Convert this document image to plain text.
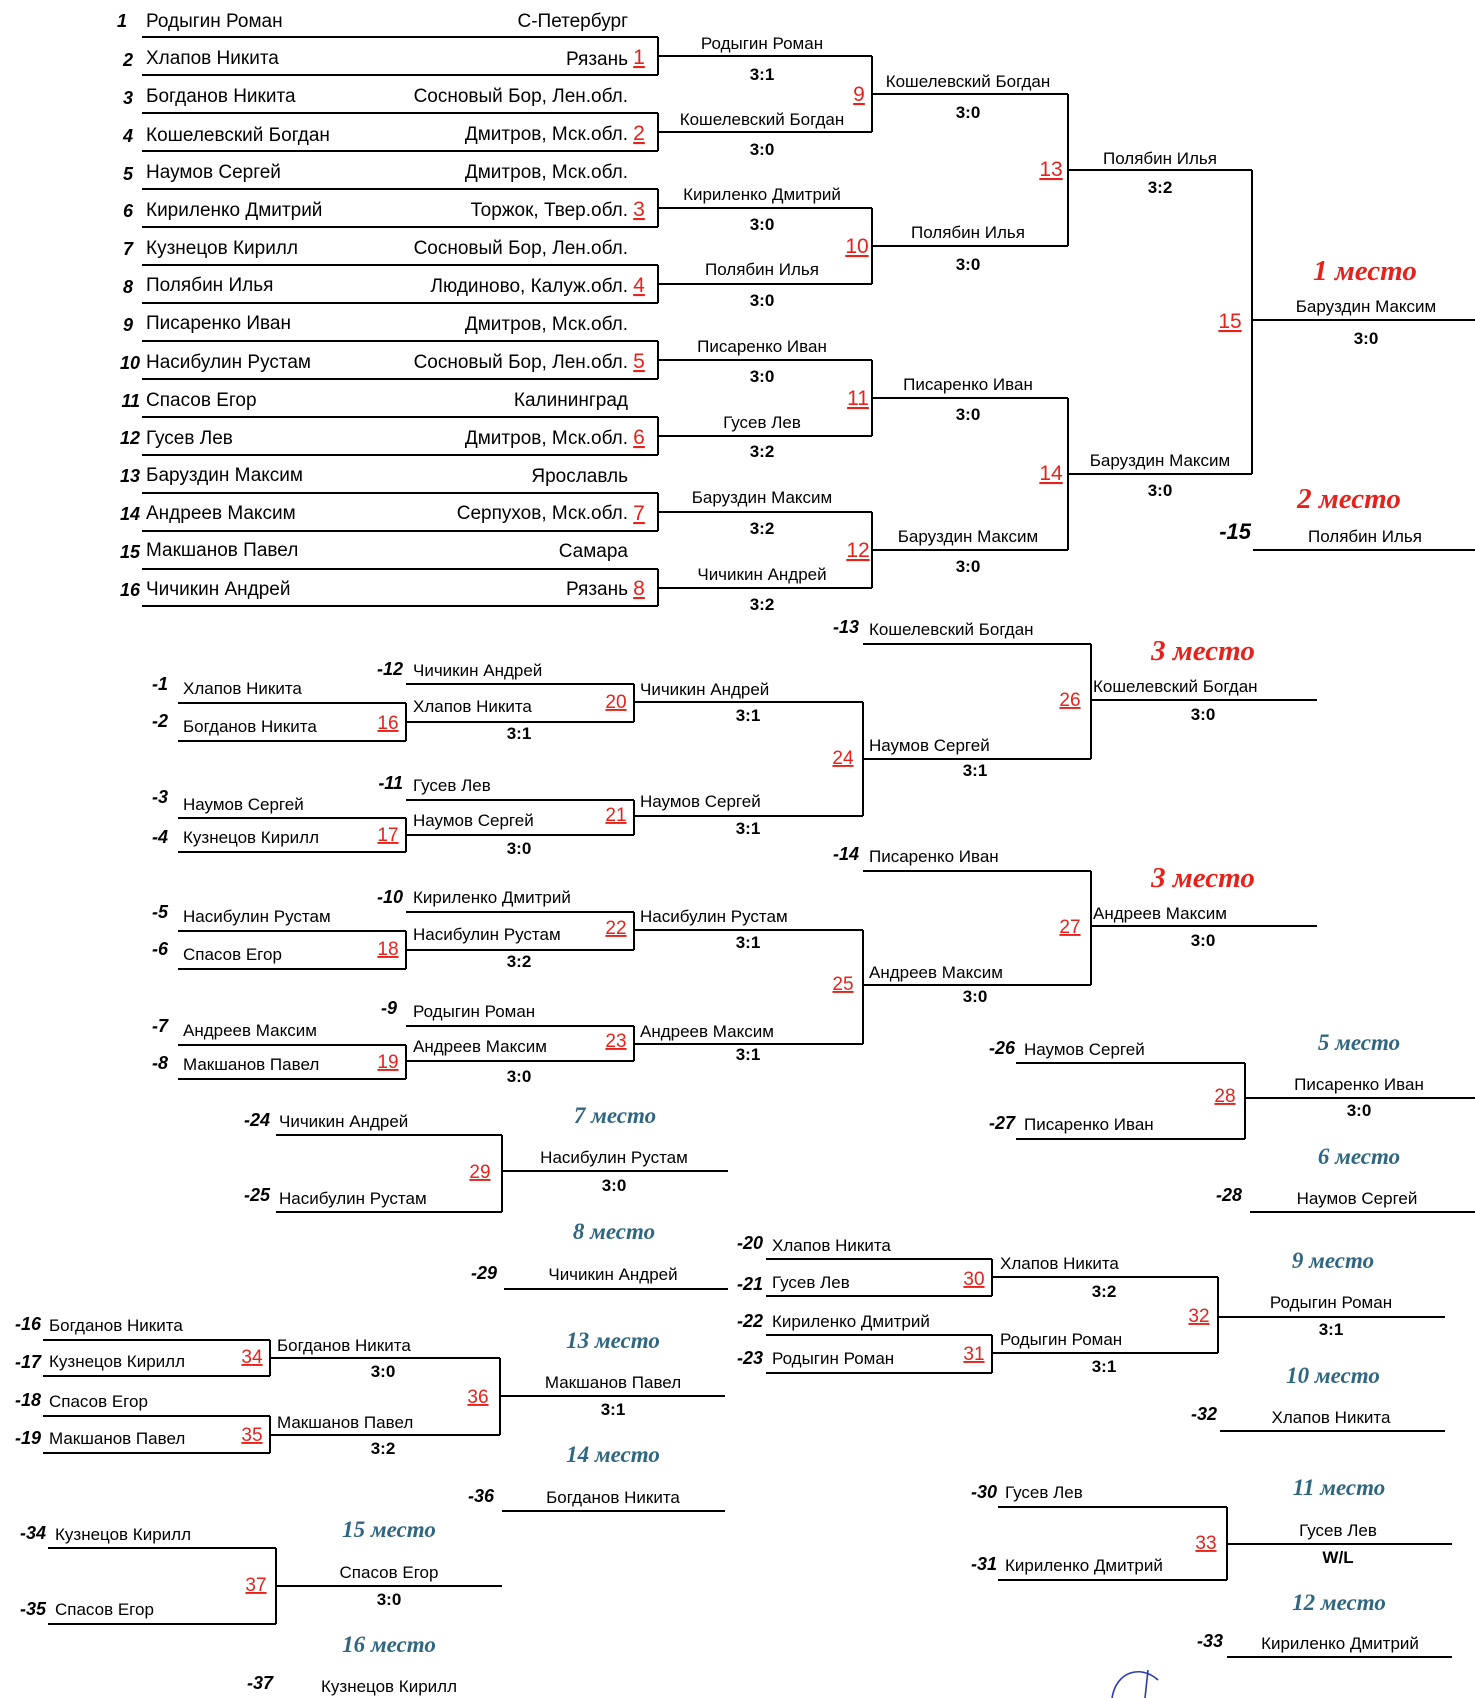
1 Родыгин Роман	С-Петербург
2 Хлапов Никита	Рязань 1
3 Богданов Никита	Сосновый Бор, Лен.обл.
4 Кошелевский Богдан	Дмитров, Мск.обл. 2
5 Наумов Сергей	Дмитров, Мск.обл.
6 Кириленко Дмитрий	Торжок, Твер.обл. 3
7 Кузнецов Кирилл	Сосновый Бор, Лен.обл.
8 Полябин Илья	Людиново, Калуж.обл. 4
9 Писаренко Иван	Дмитров, Мск.обл.
10 Насибулин Рустам	Сосновый Бор, Лен.обл. 5
11 Спасов Егор	Калининград
12 Гусев Лев	Дмитров, Мск.обл. 6
13 Баруздин Максим	Ярославль
14 Андреев Максим	Серпухов, Мск.обл. 7
15 Макшанов Павел	Самара
16 Чичикин Андрей	Рязань 8
Родыгин Роман
3:1
Кошелевский Богдан
3:0
9
Кириленко Дмитрий
3:0
Полябин Илья
3:0
10
Писаренко Иван
3:0
Гусев Лев
3:2
11
Баруздин Максим
3:2
Чичикин Андрей
3:2
12
Кошелевский Богдан
3:0
Полябин Илья
3:0
13
Писаренко Иван
3:0
Баруздин Максим
3:0
14
Полябин Илья
3:2
Баруздин Максим
3:0
15
1 место
Баруздин Максим
3:0
2 место
-15	Полябин Илья
-1 Хлапов Никита
-2 Богданов Никита	16
-3 Наумов Сергей
-4 Кузнецов Кирилл	17
-5 Насибулин Рустам
-6 Спасов Егор	18
-7 Андреев Максим
-8 Макшанов Павел	19
-12 Чичикин Андрей
Хлапов Никита
3:1
20
-11 Гусев Лев
Наумов Сергей
3:0
21
-10 Кириленко Дмитрий
Насибулин Рустам
3:2
22
-9 Родыгин Роман
Андреев Максим
3:0
23
Чичикин Андрей
3:1
Наумов Сергей
3:1
24
Насибулин Рустам
3:1
Андреев Максим
3:1
25
-13 Кошелевский Богдан
Наумов Сергей
3:1
26
3 место
Кошелевский Богдан
3:0
-14 Писаренко Иван
Андреев Максим
3:0
27
3 место
Андреев Максим
3:0
-26 Наумов Сергей
-27 Писаренко Иван
28
5 место
Писаренко Иван
3:0
6 место
-28	Наумов Сергей
-24 Чичикин Андрей
-25 Насибулин Рустам
29
7 место
Насибулин Рустам
3:0
8 место
-29	Чичикин Андрей
-20 Хлапов Никита
-21 Гусев Лев	30
-22 Кириленко Дмитрий
-23 Родыгин Роман	31
Хлапов Никита
3:2
Родыгин Роман
3:1
32
9 место
Родыгин Роман
3:1
10 место
-32	Хлапов Никита
-30 Гусев Лев
-31 Кириленко Дмитрий
33
11 место
Гусев Лев
W/L
12 место
-33 Кириленко Дмитрий
-16 Богданов Никита
-17 Кузнецов Кирилл	34
-18 Спасов Егор
-19 Макшанов Павел	35
Богданов Никита
3:0
Макшанов Павел
3:2
36
13 место
Макшанов Павел
3:1
14 место
-36	Богданов Никита
-34 Кузнецов Кирилл
-35 Спасов Егор
37
15 место
Спасов Егор
3:0
16 место
-37	Кузнецов Кирилл
